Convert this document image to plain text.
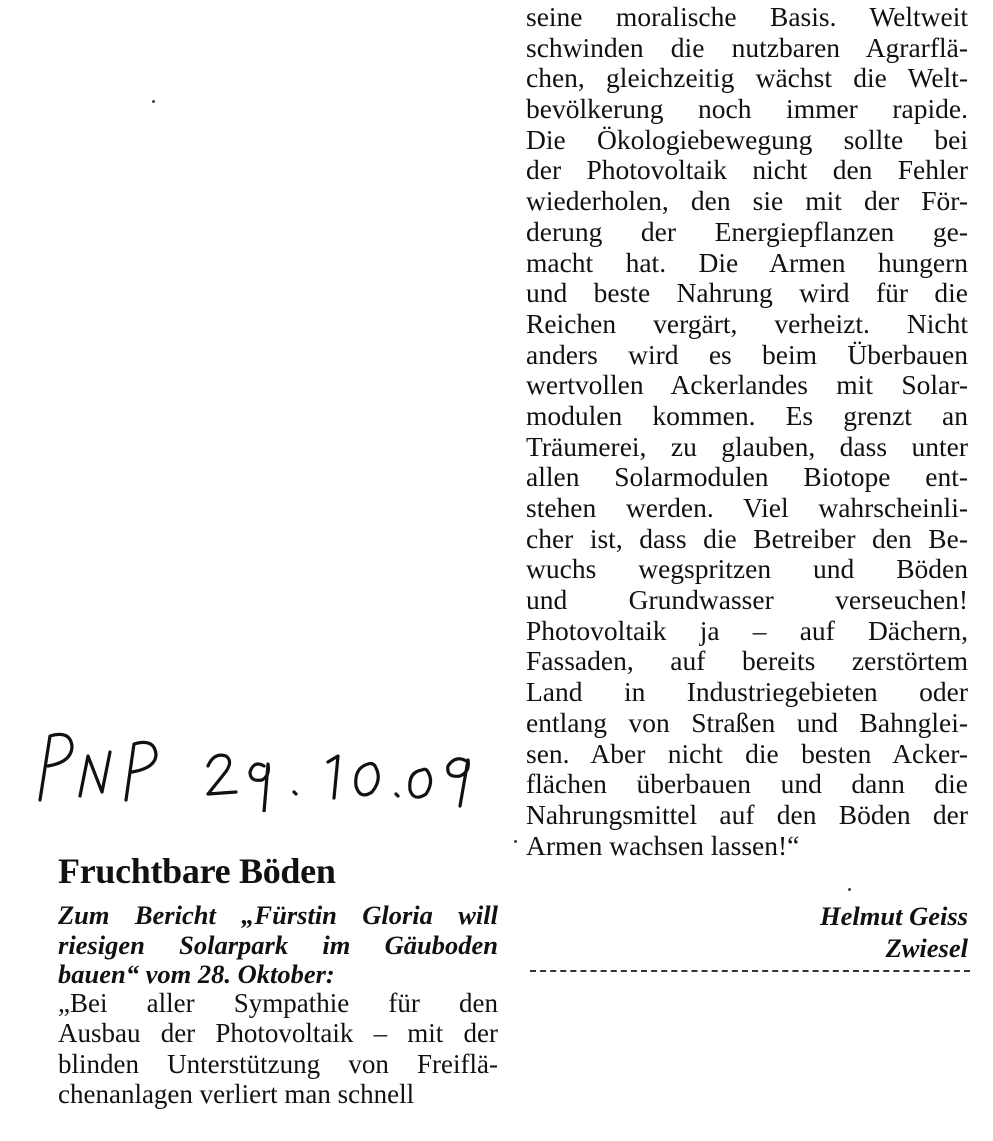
seine moralische Basis. Weltweit
schwinden die nutzbaren Agrarflä-
chen, gleichzeitig wächst die Welt-
bevölkerung noch immer rapide.
Die Ökologiebewegung sollte bei
der Photovoltaik nicht den Fehler
wiederholen, den sie mit der För-
derung der Energiepflanzen ge-
macht hat. Die Armen hungern
und beste Nahrung wird für die
Reichen vergärt, verheizt. Nicht
anders wird es beim Überbauen
wertvollen Ackerlandes mit Solar-
modulen kommen. Es grenzt an
Träumerei, zu glauben, dass unter
allen Solarmodulen Biotope ent-
stehen werden. Viel wahrscheinli-
cher ist, dass die Betreiber den Be-
wuchs wegspritzen und Böden
und Grundwasser verseuchen!
Photovoltaik ja – auf Dächern,
Fassaden, auf bereits zerstörtem
Land in Industriegebieten oder
entlang von Straßen und Bahnglei-
sen. Aber nicht die besten Acker-
flächen überbauen und dann die
Nahrungsmittel auf den Böden der
Armen wachsen lassen!“
Fruchtbare Böden
Zum Bericht „Fürstin Gloria will
riesigen Solarpark im Gäuboden
bauen“ vom 28. Oktober:
„Bei aller Sympathie für den
Ausbau der Photovoltaik – mit der
blinden Unterstützung von Freiflä-
chenanlagen verliert man schnell
Helmut Geiss
Zwiesel
